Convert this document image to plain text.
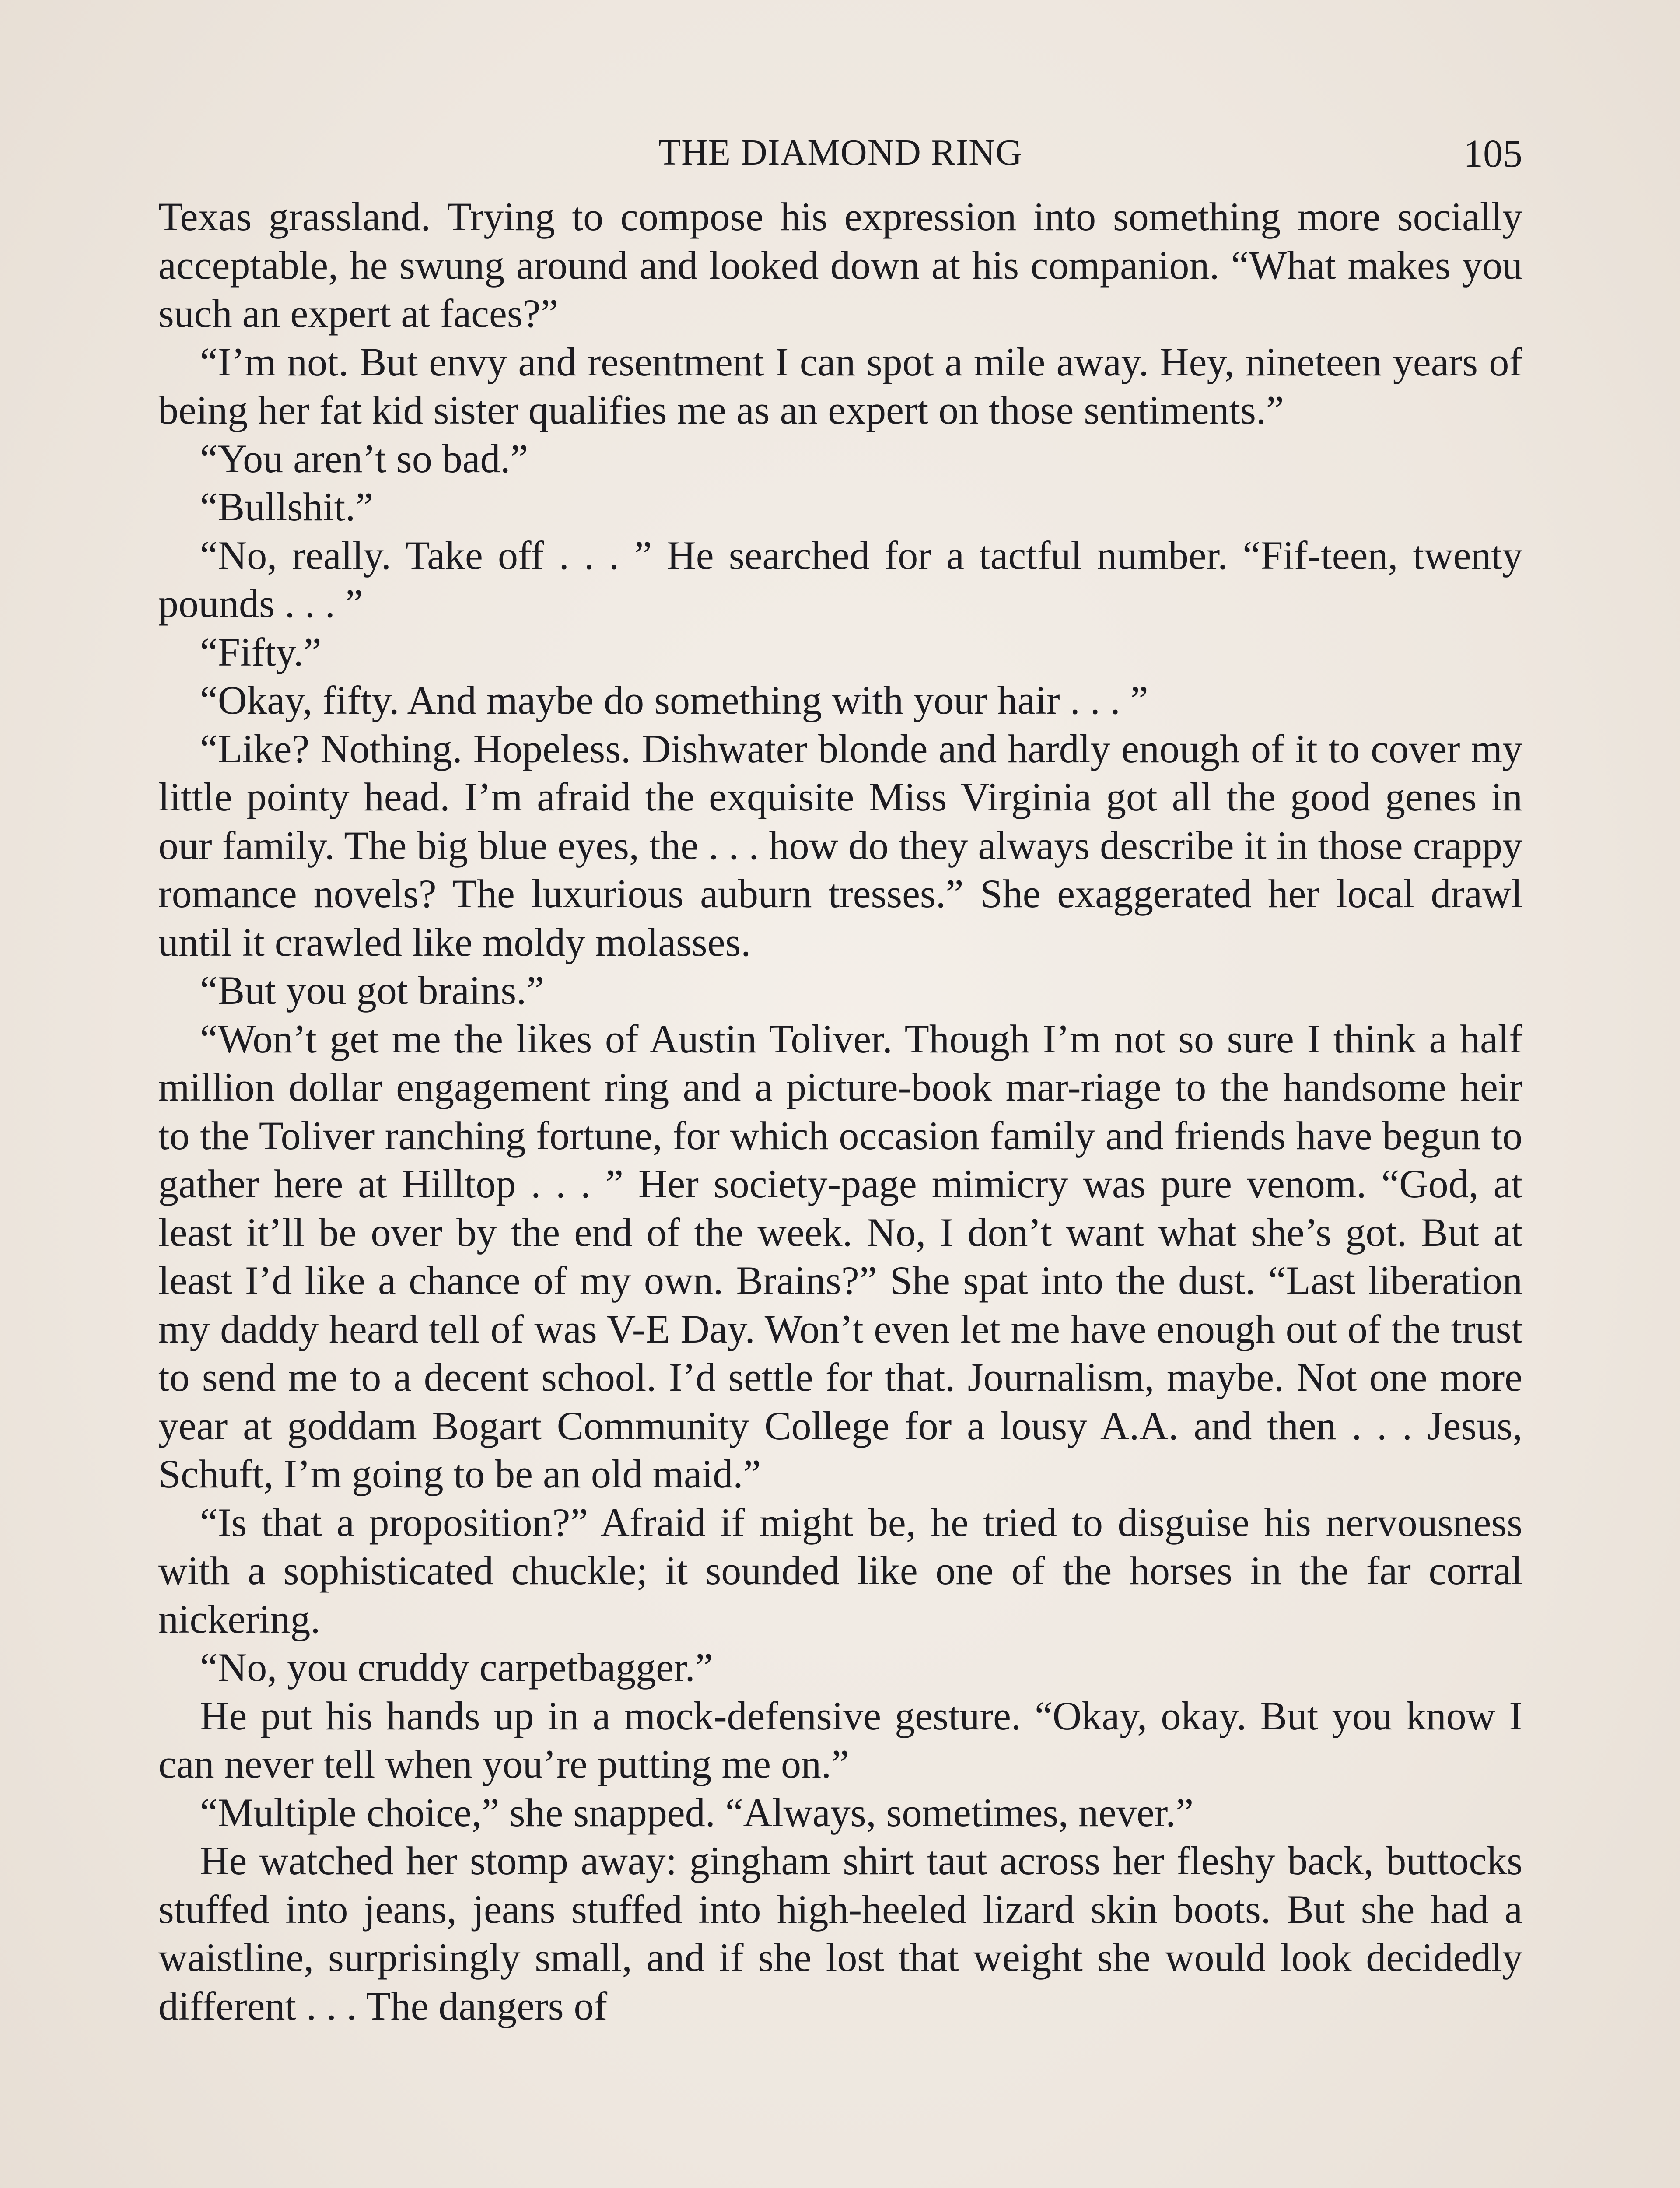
THE DIAMOND RING	105

Texas grassland. Trying to compose his expression into something more socially acceptable, he swung around and looked down at his companion. “What makes you such an expert at faces?”

“I’m not. But envy and resentment I can spot a mile away. Hey, nineteen years of being her fat kid sister qualifies me as an expert on those sentiments.”

“You aren’t so bad.”

“Bullshit.”

“No, really. Take off . . . ” He searched for a tactful number. “Fif-teen, twenty pounds . . . ”

“Fifty.”

“Okay, fifty. And maybe do something with your hair . . . ”

“Like? Nothing. Hopeless. Dishwater blonde and hardly enough of it to cover my little pointy head. I’m afraid the exquisite Miss Virginia got all the good genes in our family. The big blue eyes, the . . . how do they always describe it in those crappy romance novels? The luxurious auburn tresses.” She exaggerated her local drawl until it crawled like moldy molasses.

“But you got brains.”

“Won’t get me the likes of Austin Toliver. Though I’m not so sure I think a half million dollar engagement ring and a picture-book mar-riage to the handsome heir to the Toliver ranching fortune, for which occasion family and friends have begun to gather here at Hilltop . . . ” Her society-page mimicry was pure venom. “God, at least it’ll be over by the end of the week. No, I don’t want what she’s got. But at least I’d like a chance of my own. Brains?” She spat into the dust. “Last liberation my daddy heard tell of was V-E Day. Won’t even let me have enough out of the trust to send me to a decent school. I’d settle for that. Journalism, maybe. Not one more year at goddam Bogart Community College for a lousy A.A. and then . . . Jesus, Schuft, I’m going to be an old maid.”

“Is that a proposition?” Afraid if might be, he tried to disguise his nervousness with a sophisticated chuckle; it sounded like one of the horses in the far corral nickering.

“No, you cruddy carpetbagger.”

He put his hands up in a mock-defensive gesture. “Okay, okay. But you know I can never tell when you’re putting me on.”

“Multiple choice,” she snapped. “Always, sometimes, never.”

He watched her stomp away: gingham shirt taut across her fleshy back, buttocks stuffed into jeans, jeans stuffed into high-heeled lizard skin boots. But she had a waistline, surprisingly small, and if she lost that weight she would look decidedly different . . . The dangers of
